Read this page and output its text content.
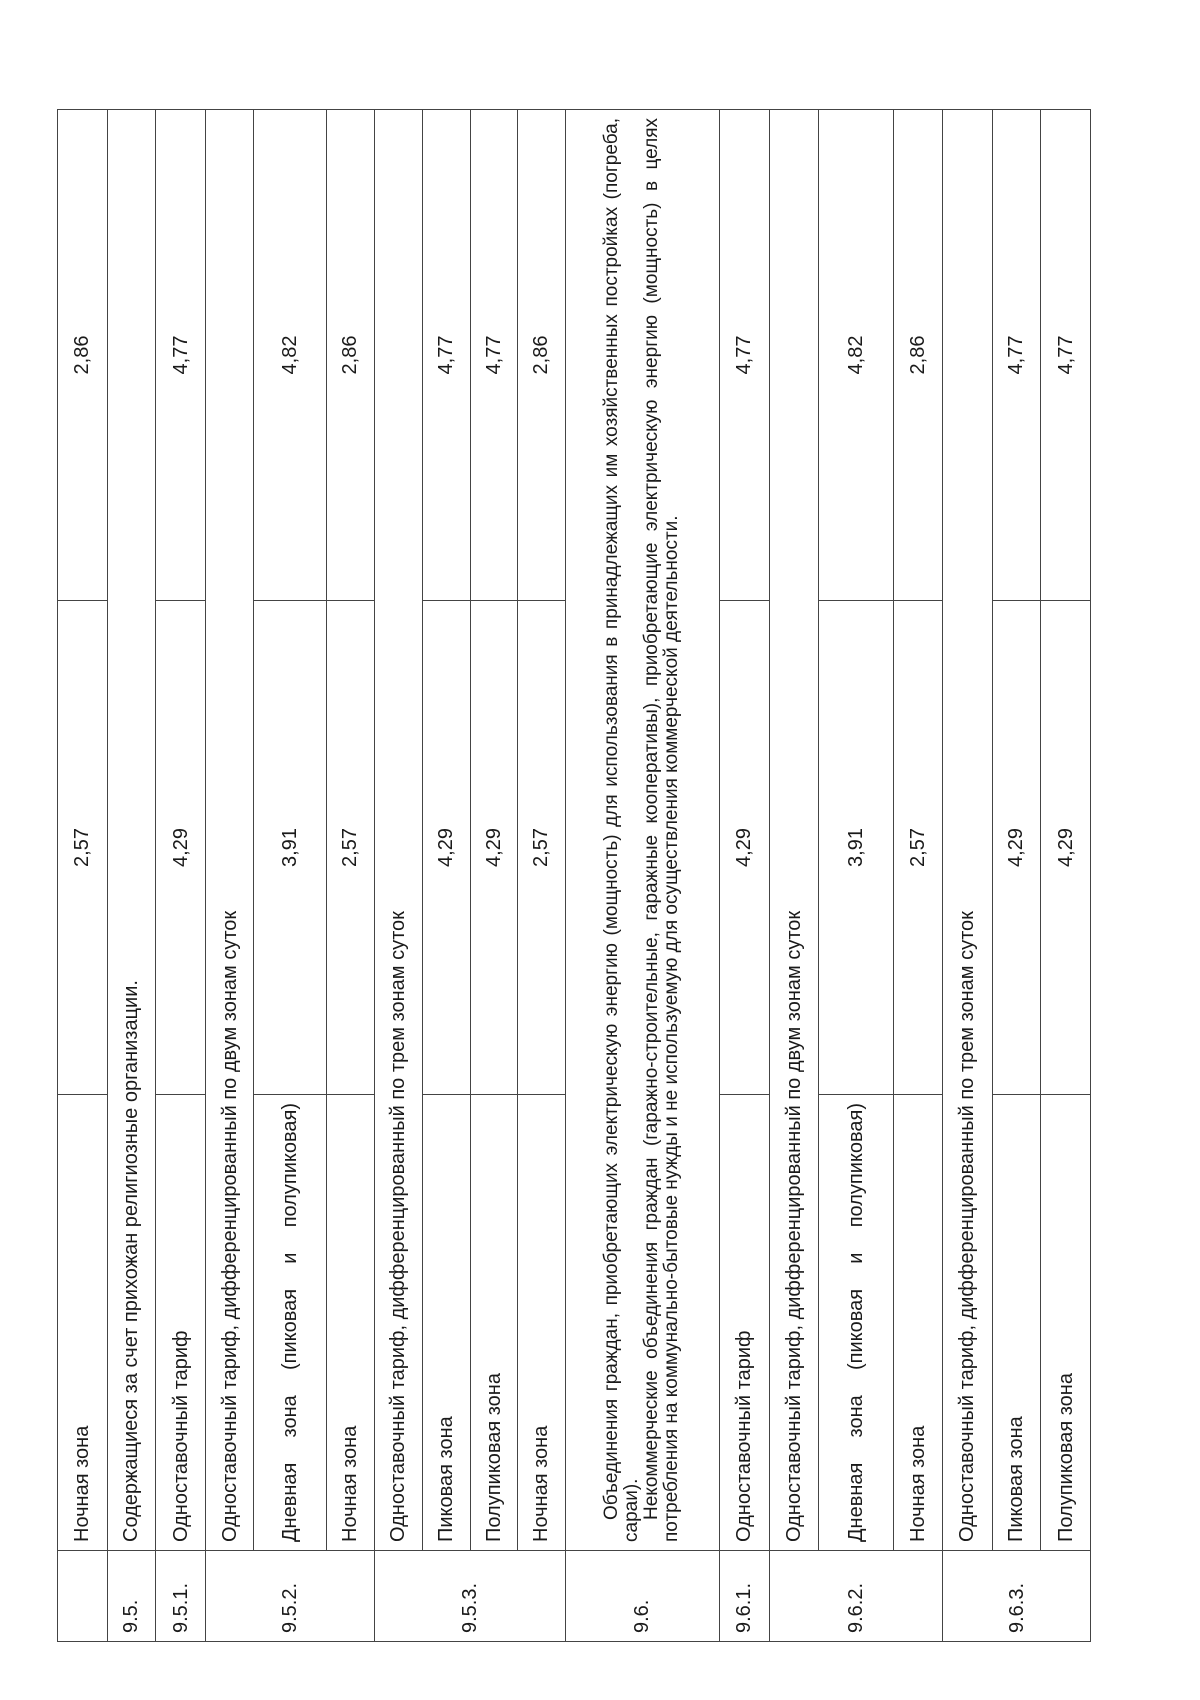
	Ночная зона	2,57	2,86
9.5.	Содержащиеся за счет прихожан религиозные организации.		
9.5.1.	Одноставочный тариф	4,29	4,77
9.5.2.	Одноставочный тариф, дифференцированный по двум зонам суток		
	Дневная зона (пиковая и полупиковая)	3,91	4,82
	Ночная зона	2,57	2,86
9.5.3.	Одноставочный тариф, дифференцированный по трем зонам суток		
	Пиковая зона	4,29	4,77
	Полупиковая зона	4,29	4,77
	Ночная зона	2,57	2,86
9.6.	Объединения граждан, приобретающих электрическую энергию (мощность) для использования в принадлежащих им хозяйственных постройках (погреба, сараи).

Некоммерческие объединения граждан (гаражно-строительные, гаражные кооперативы), приобретающие электрическую энергию (мощность) в целях потребления на коммунально-бытовые нужды и не используемую для осуществления коммерческой деятельности.		

9.6.1.	Одноставочный тариф	4,29	4,77
9.6.2.	Одноставочный тариф, дифференцированный по двум зонам суток		
	Дневная зона (пиковая и полупиковая)	3,91	4,82
	Ночная зона	2,57	2,86
9.6.3.	Одноставочный тариф, дифференцированный по трем зонам суток		
	Пиковая зона	4,29	4,77
	Полупиковая зона	4,29	4,77
